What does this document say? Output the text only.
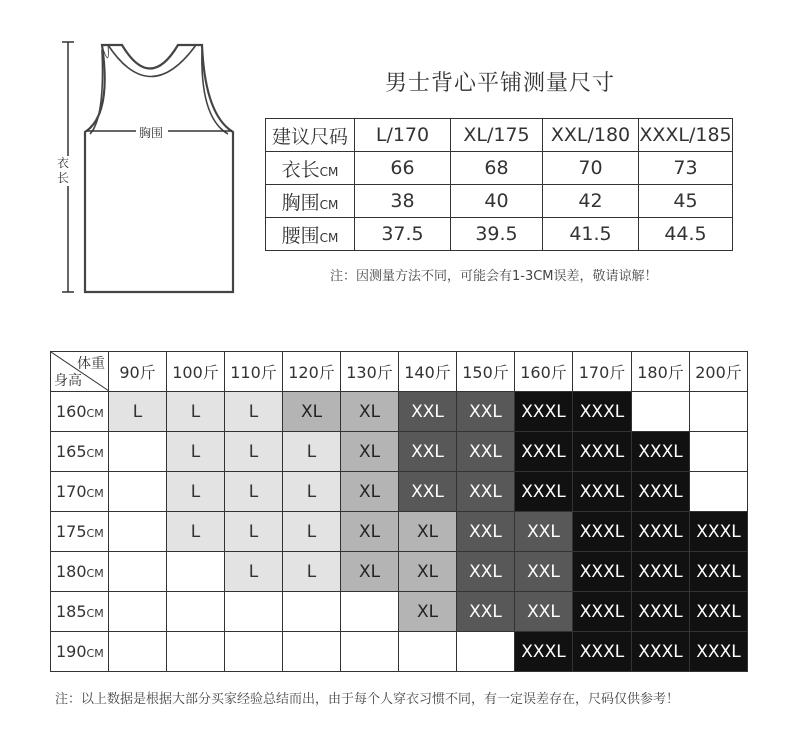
胸围
衣长
男士背心平铺测量尺寸
建议尺码	L/170	XL/175	XXL/180	XXXL/185
衣长CM	66	68	70	73
胸围CM	38	40	42	45
腰围CM	37.5	39.5	41.5	44.5
注：因测量方法不同，可能会有1-3CM误差，敬请谅解！
体重
身高	90斤	100斤	110斤	120斤	130斤	140斤	150斤	160斤	170斤	180斤	200斤
160CM	L	L	L	XL	XL	XXL	XXL	XXXL	XXXL		
165CM		L	L	L	XL	XXL	XXL	XXXL	XXXL	XXXL	
170CM		L	L	L	XL	XXL	XXL	XXXL	XXXL	XXXL	
175CM		L	L	L	XL	XL	XXL	XXL	XXXL	XXXL	XXXL
180CM			L	L	XL	XL	XXL	XXL	XXXL	XXXL	XXXL
185CM						XL	XXL	XXL	XXXL	XXXL	XXXL
190CM								XXXL	XXXL	XXXL	XXXL
注：以上数据是根据大部分买家经验总结而出，由于每个人穿衣习惯不同，有一定误差存在，尺码仅供参考！
